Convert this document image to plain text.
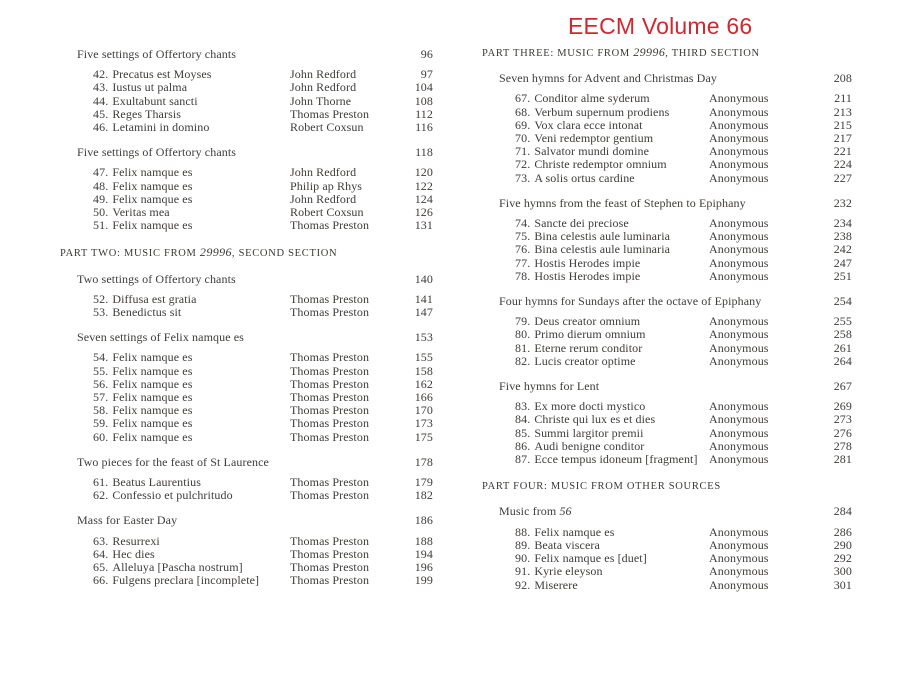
EECM Volume 66
Five settings of Offertory chants	96
42. Precatus est Moyses	John Redford	97
43. Iustus ut palma	John Redford	104
44. Exultabunt sancti	John Thorne	108
45. Reges Tharsis	Thomas Preston	112
46. Letamini in domino	Robert Coxsun	116
Five settings of Offertory chants	118
47. Felix namque es	John Redford	120
48. Felix namque es	Philip ap Rhys	122
49. Felix namque es	John Redford	124
50. Veritas mea	Robert Coxsun	126
51. Felix namque es	Thomas Preston	131
PART TWO: MUSIC FROM 29996, SECOND SECTION
Two settings of Offertory chants	140
52. Diffusa est gratia	Thomas Preston	141
53. Benedictus sit	Thomas Preston	147
Seven settings of Felix namque es	153
54. Felix namque es	Thomas Preston	155
55. Felix namque es	Thomas Preston	158
56. Felix namque es	Thomas Preston	162
57. Felix namque es	Thomas Preston	166
58. Felix namque es	Thomas Preston	170
59. Felix namque es	Thomas Preston	173
60. Felix namque es	Thomas Preston	175
Two pieces for the feast of St Laurence	178
61. Beatus Laurentius	Thomas Preston	179
62. Confessio et pulchritudo	Thomas Preston	182
Mass for Easter Day	186
63. Resurrexi	Thomas Preston	188
64. Hec dies	Thomas Preston	194
65. Alleluya [Pascha nostrum]	Thomas Preston	196
66. Fulgens preclara [incomplete]	Thomas Preston	199
PART THREE: MUSIC FROM 29996, THIRD SECTION
Seven hymns for Advent and Christmas Day	208
67. Conditor alme syderum	Anonymous	211
68. Verbum supernum prodiens	Anonymous	213
69. Vox clara ecce intonat	Anonymous	215
70. Veni redemptor gentium	Anonymous	217
71. Salvator mundi domine	Anonymous	221
72. Christe redemptor omnium	Anonymous	224
73. A solis ortus cardine	Anonymous	227
Five hymns from the feast of Stephen to Epiphany	232
74. Sancte dei preciose	Anonymous	234
75. Bina celestis aule luminaria	Anonymous	238
76. Bina celestis aule luminaria	Anonymous	242
77. Hostis Herodes impie	Anonymous	247
78. Hostis Herodes impie	Anonymous	251
Four hymns for Sundays after the octave of Epiphany	254
79. Deus creator omnium	Anonymous	255
80. Primo dierum omnium	Anonymous	258
81. Eterne rerum conditor	Anonymous	261
82. Lucis creator optime	Anonymous	264
Five hymns for Lent	267
83. Ex more docti mystico	Anonymous	269
84. Christe qui lux es et dies	Anonymous	273
85. Summi largitor premii	Anonymous	276
86. Audi benigne conditor	Anonymous	278
87. Ecce tempus idoneum [fragment] Anonymous	281
PART FOUR: MUSIC FROM OTHER SOURCES
Music from 56	284
88. Felix namque es	Anonymous	286
89. Beata viscera	Anonymous	290
90. Felix namque es [duet]	Anonymous	292
91. Kyrie eleyson	Anonymous	300
92. Miserere	Anonymous	301
